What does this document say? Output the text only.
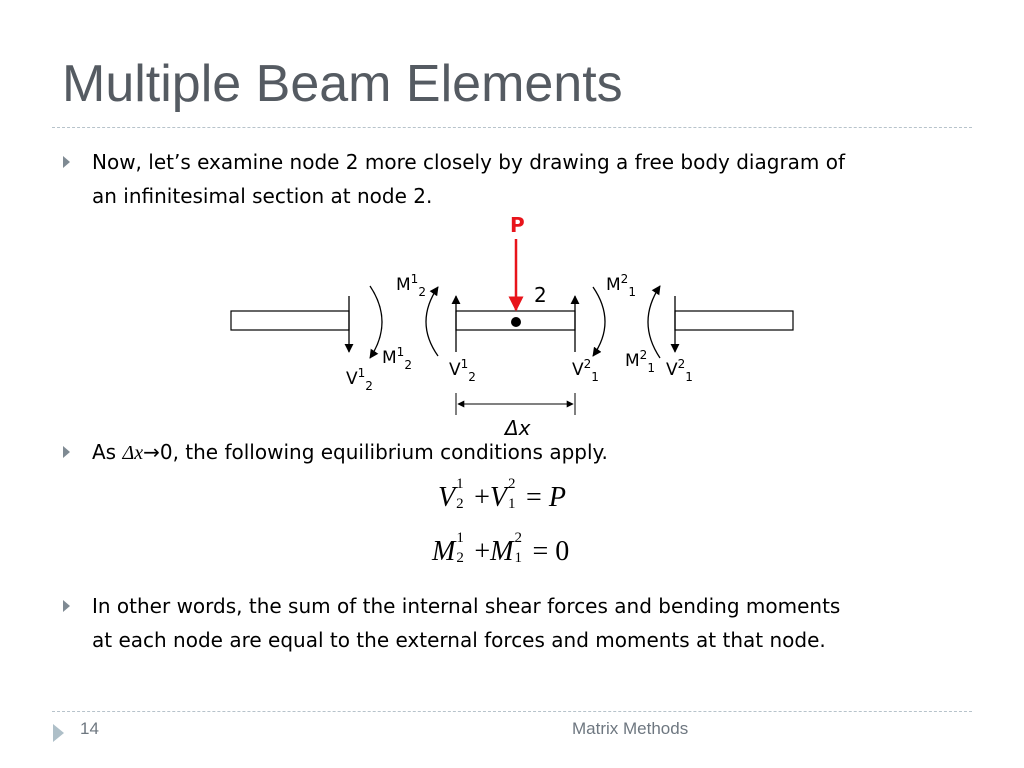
Multiple Beam Elements
Now, let’s examine node 2 more closely by drawing a free body diagram of
an infinitesimal section at node 2.
P
2
Δx
$M^1_2$	$M^2_1$
$M^1_2$	$M^2_1$
$V^1_2$
$V^1_2$	$V^2_1$	$V^2_1$
As Δx→0, the following equilibrium conditions apply.
V 1
2 +V 2
1 = P
M 1
2 +M 2
1 = 0
In other words, the sum of the internal shear forces and bending moments
at each node are equal to the external forces and moments at that node.
14	Matrix Methods
